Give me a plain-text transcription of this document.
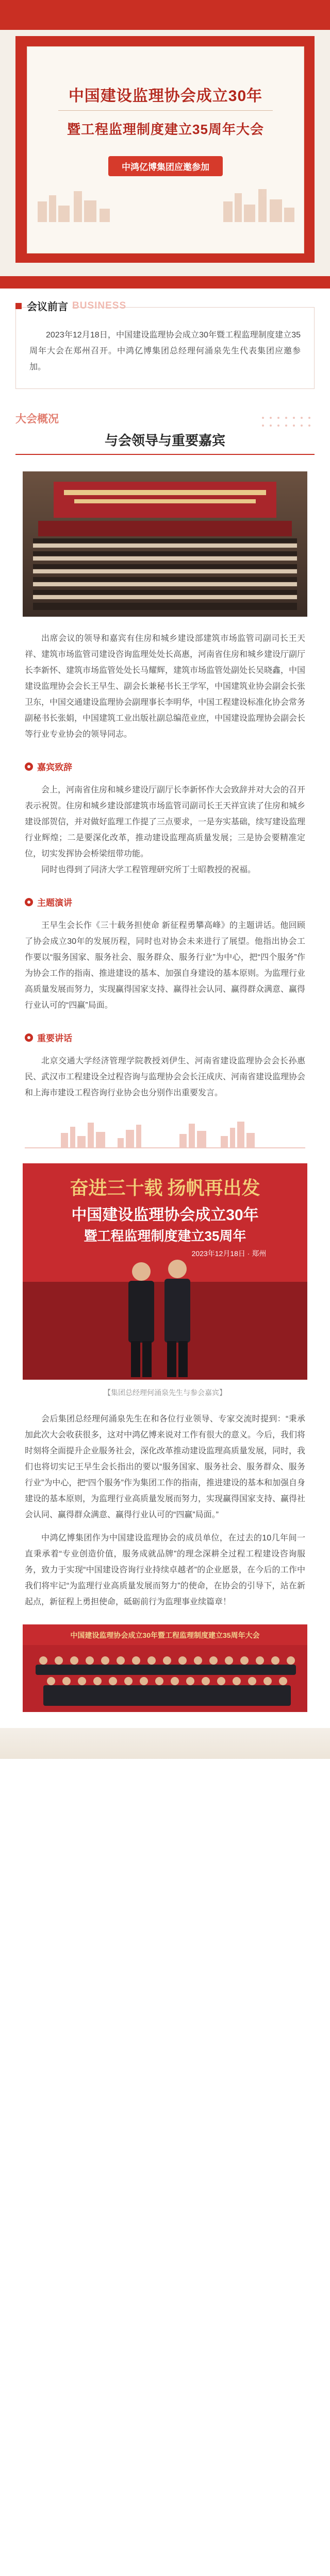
中国建设监理协会成立30年
暨工程监理制度建立35周年大会
中鸿亿博集团应邀参加
会议前言 BUSINESS

2023年12月18日，中国建设监理协会成立30年暨工程监理制度建立35周年大会在郑州召开。中鸿亿博集团总经理何涌泉先生代表集团应邀参加。

大会概况
与会领导与重要嘉宾

出席会议的领导和嘉宾有住房和城乡建设部建筑市场监管司副司长王天祥、建筑市场监管司建设咨询监理处处长高惠，河南省住房和城乡建设厅副厅长李新怀、建筑市场监管处处长马耀辉，建筑市场监管处副处长吴晓鑫，中国建设监理协会会长王早生、副会长兼秘书长王学军，中国建筑业协会副会长张卫东，中国交通建设监理协会副理事长李明华，中国工程建设标准化协会常务副秘书长张娟，中国建筑工业出版社副总编范业庶，中国建设监理协会副会长等行业专业协会的领导同志。

嘉宾致辞

会上，河南省住房和城乡建设厅副厅长李新怀作大会致辞并对大会的召开表示祝贺。住房和城乡建设部建筑市场监管司副司长王天祥宣读了住房和城乡建设部贺信，并对做好监理工作提了三点要求，一是夯实基础，续写建设监理行业辉煌；二是要深化改革，推动建设监理高质量发展；三是协会要精准定位，切实发挥协会桥梁纽带功能。

同时也得到了同济大学工程管理研究所丁士昭教授的祝福。

主题演讲

王早生会长作《三十载务担使命 新征程勇攀高峰》的主题讲话。他回顾了协会成立30年的发展历程，同时也对协会未来进行了展望。他指出协会工作要以“服务国家、服务社会、服务群众、服务行业”为中心，把“四个服务”作为协会工作的指南、推进建设的基本、加强自身建设的基本原则。为监理行业高质量发展而努力，实现赢得国家支持、赢得社会认同、赢得群众满意、赢得行业认可的“四赢”局面。

重要讲话

北京交通大学经济管理学院教授刘伊生、河南省建设监理协会会长孙惠民、武汉市工程建设全过程咨询与监理协会会长汪成庆、河南省建设监理协会和上海市建设工程咨询行业协会也分别作出重要发言。

奋进三十载 扬帆再出发
中国建设监理协会成立30年
暨工程监理制度建立35周年
2023年12月18日 · 郑州
【集团总经理何涌泉先生与参会嘉宾】

会后集团总经理何涌泉先生在和各位行业领导、专家交流时提到：“秉承加此次大会收获很多，这对中鸿亿博来说对工作有很大的意义。今后，我们将时刻将全面提升企业服务社会，深化改革推动建设监理高质量发展，同时，我们也将切实记王早生会长指出的要以“服务国家、服务社会、服务群众、服务行业”为中心，把“四个服务”作为集团工作的指南，推进建设的基本和加强自身建设的基本原则，为监理行业高质量发展而努力，实现赢得国家支持、赢得社会认同、赢得群众满意、赢得行业认可的“四赢”局面。”

中鸿亿博集团作为中国建设监理协会的成员单位，在过去的10几年间一直秉承着“专业创造价值，服务成就品牌”的理念深耕全过程工程建设咨询服务，致力于实现“中国建设咨询行业持续卓越者”的企业愿景，在今后的工作中我们将牢记“为监理行业高质量发展而努力”的使命，在协会的引导下，站在新起点，新征程上勇担使命，砥砺前行为监理事业续篇章！

中国建设监理协会成立30年暨工程监理制度建立35周年大会
